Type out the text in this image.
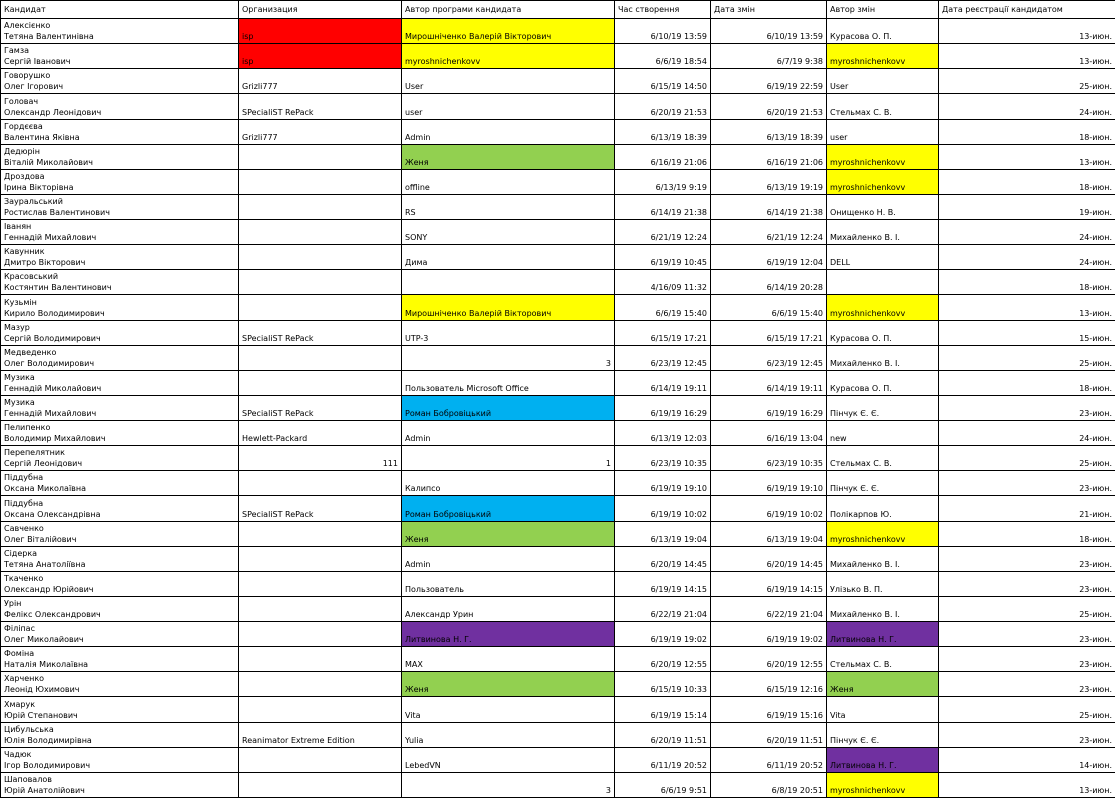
Кандидат	Организация	Автор програми кандидата	Час створення	Дата змін	Автор змін	Дата реєстрації кандидатом

Алексієнко
Тетяна Валентинівна	isp	Мирошніченко Валерій Вікторович	6/10/19 13:59	6/10/19 13:59	Курасова О. П.	13-июн.

Гамза
Сергій Іванович	isp	myroshnichenkovv	6/6/19 18:54	6/7/19 9:38	myroshnichenkovv	13-июн.

Говорушко
Олег Ігорович	Grizli777	User	6/15/19 14:50	6/19/19 22:59	User	25-июн.

Головач
Олександр Леонідович	SPecialiST RePack	user	6/20/19 21:53	6/20/19 21:53	Стельмах С. В.	24-июн.

Гордєєва
Валентина Яківна	Grizli777	Admin	6/13/19 18:39	6/13/19 18:39	user	18-июн.

Дедюрін
Віталій Миколайович		Женя	6/16/19 21:06	6/16/19 21:06	myroshnichenkovv	13-июн.

Дроздова
Ірина Вікторівна		offline	6/13/19 9:19	6/13/19 19:19	myroshnichenkovv	18-июн.

Зауральський
Ростислав Валентинович		RS	6/14/19 21:38	6/14/19 21:38	Онищенко Н. В.	19-июн.

Іванян
Геннадій Михайлович		SONY	6/21/19 12:24	6/21/19 12:24	Михайленко В. І.	24-июн.

Кавунник
Дмитро Вікторович		Дима	6/19/19 10:45	6/19/19 12:04	DELL	24-июн.

Красовський
Костянтин Валентинович			4/16/09 11:32	6/14/19 20:28		18-июн.

Кузьмін
Кирило Володимирович		Мирошніченко Валерій Вікторович	6/6/19 15:40	6/6/19 15:40	myroshnichenkovv	13-июн.

Мазур
Сергій Володимирович	SPecialiST RePack	UTP-3	6/15/19 17:21	6/15/19 17:21	Курасова О. П.	15-июн.

Медведенко
Олег Володимирович		3	6/23/19 12:45	6/23/19 12:45	Михайленко В. І.	25-июн.

Музика
Геннадій Миколайович		Пользователь Microsoft Office	6/14/19 19:11	6/14/19 19:11	Курасова О. П.	18-июн.

Музика
Геннадій Михайлович	SPecialiST RePack	Роман Бобровіцький	6/19/19 16:29	6/19/19 16:29	Пінчук Є. Є.	23-июн.

Пелипенко
Володимир Михайлович	Hewlett-Packard	Admin	6/13/19 12:03	6/16/19 13:04	new	24-июн.

Перепелятник
Сергій Леонідович	111	1	6/23/19 10:35	6/23/19 10:35	Стельмах С. В.	25-июн.

Піддубна
Оксана Миколаївна		Калипсо	6/19/19 19:10	6/19/19 19:10	Пінчук Є. Є.	23-июн.

Піддубна
Оксана Олександрівна	SPecialiST RePack	Роман Бобровіцький	6/19/19 10:02	6/19/19 10:02	Полікарпов Ю.	21-июн.

Савченко
Олег Віталійович		Женя	6/13/19 19:04	6/13/19 19:04	myroshnichenkovv	18-июн.

Сідерка
Тетяна Анатоліївна		Admin	6/20/19 14:45	6/20/19 14:45	Михайленко В. І.	23-июн.

Ткаченко
Олександр Юрійович		Пользователь	6/19/19 14:15	6/19/19 14:15	Улізько В. П.	23-июн.

Урін
Фелікс Олександрович		Александр Урин	6/22/19 21:04	6/22/19 21:04	Михайленко В. І.	25-июн.

Філіпас
Олег Миколайович		Литвинова Н. Г.	6/19/19 19:02	6/19/19 19:02	Литвинова Н. Г.	23-июн.

Фоміна
Наталія Миколаївна		MAX	6/20/19 12:55	6/20/19 12:55	Стельмах С. В.	23-июн.

Харченко
Леонід Юхимович		Женя	6/15/19 10:33	6/15/19 12:16	Женя	23-июн.

Хмарук
Юрій Степанович		Vita	6/19/19 15:14	6/19/19 15:16	Vita	25-июн.

Цибульська
Юлія Володимирівна	Reanimator Extreme Edition	Yulia	6/20/19 11:51	6/20/19 11:51	Пінчук Є. Є.	23-июн.

Чадюк
Ігор Володимирович		LebedVN	6/11/19 20:52	6/11/19 20:52	Литвинова Н. Г.	14-июн.

Шаповалов
Юрій Анатолійович		3	6/6/19 9:51	6/8/19 20:51	myroshnichenkovv	13-июн.
